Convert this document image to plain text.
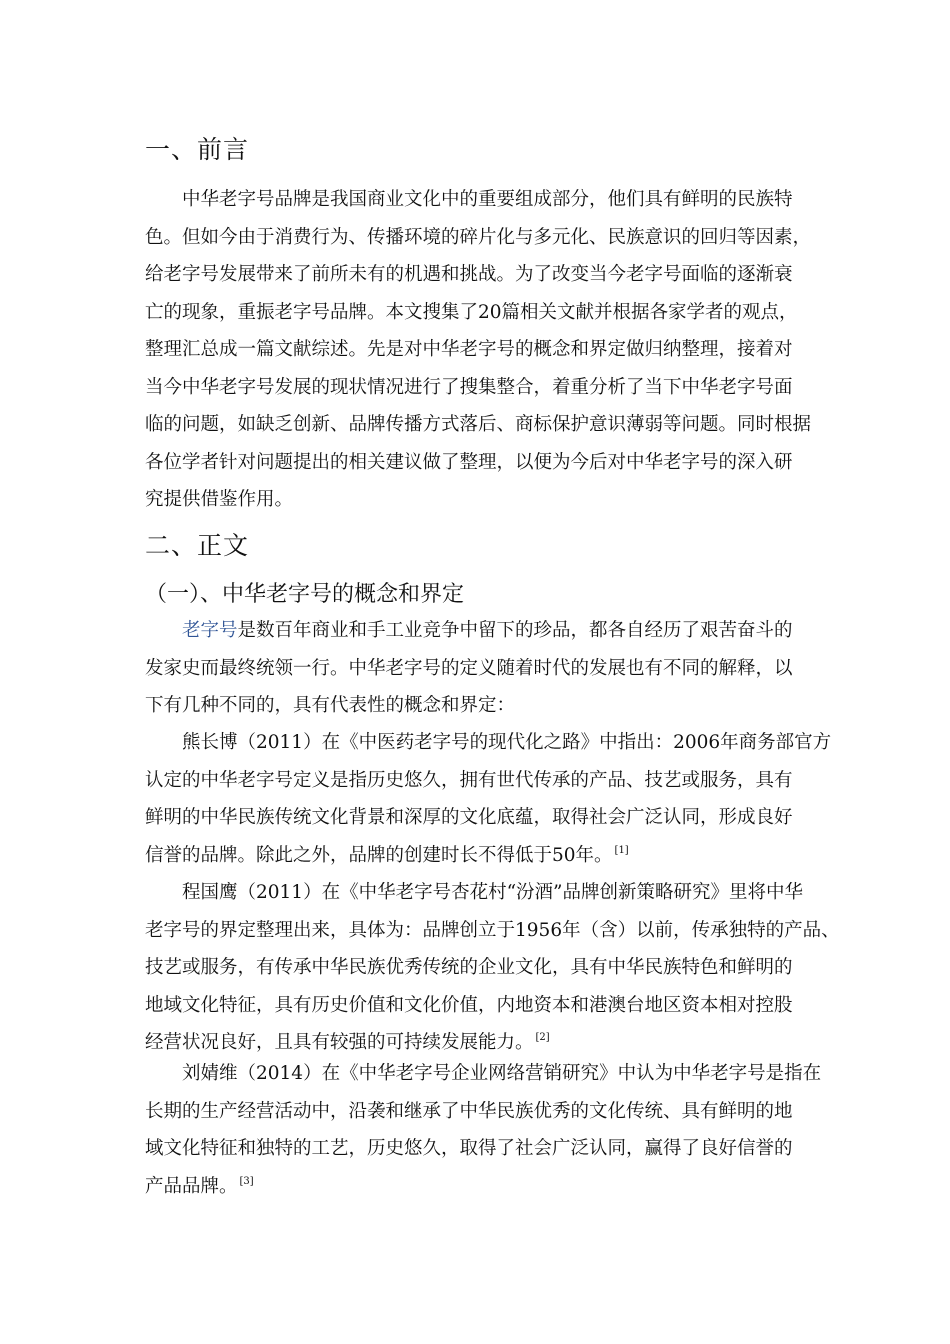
一、前言
中华老字号品牌是我国商业文化中的重要组成部分，他们具有鲜明的民族特
色。但如今由于消费行为、传播环境的碎片化与多元化、民族意识的回归等因素，
给老字号发展带来了前所未有的机遇和挑战。为了改变当今老字号面临的逐渐衰
亡的现象，重振老字号品牌。本文搜集了20篇相关文献并根据各家学者的观点，
整理汇总成一篇文献综述。先是对中华老字号的概念和界定做归纳整理，接着对
当今中华老字号发展的现状情况进行了搜集整合，着重分析了当下中华老字号面
临的问题，如缺乏创新、品牌传播方式落后、商标保护意识薄弱等问题。同时根据
各位学者针对问题提出的相关建议做了整理，以便为今后对中华老字号的深入研
究提供借鉴作用。
二、正文
（一）、中华老字号的概念和界定
老字号是数百年商业和手工业竞争中留下的珍品，都各自经历了艰苦奋斗的
发家史而最终统领一行。中华老字号的定义随着时代的发展也有不同的解释，以
下有几种不同的，具有代表性的概念和界定：
熊长博（2011）在《中医药老字号的现代化之路》中指出：2006年商务部官方
认定的中华老字号定义是指历史悠久，拥有世代传承的产品、技艺或服务，具有
鲜明的中华民族传统文化背景和深厚的文化底蕴，取得社会广泛认同，形成良好
信誉的品牌。除此之外，品牌的创建时长不得低于50年。 [1]
程国鹰（2011）在《中华老字号杏花村“汾酒”品牌创新策略研究》里将中华
老字号的界定整理出来，具体为：品牌创立于1956年（含）以前，传承独特的产品、
技艺或服务，有传承中华民族优秀传统的企业文化，具有中华民族特色和鲜明的
地域文化特征，具有历史价值和文化价值，内地资本和港澳台地区资本相对控股
经营状况良好，且具有较强的可持续发展能力。 [2]
刘婧维（2014）在《中华老字号企业网络营销研究》中认为中华老字号是指在
长期的生产经营活动中，沿袭和继承了中华民族优秀的文化传统、具有鲜明的地
域文化特征和独特的工艺，历史悠久，取得了社会广泛认同，赢得了良好信誉的
产品品牌。 [3]
